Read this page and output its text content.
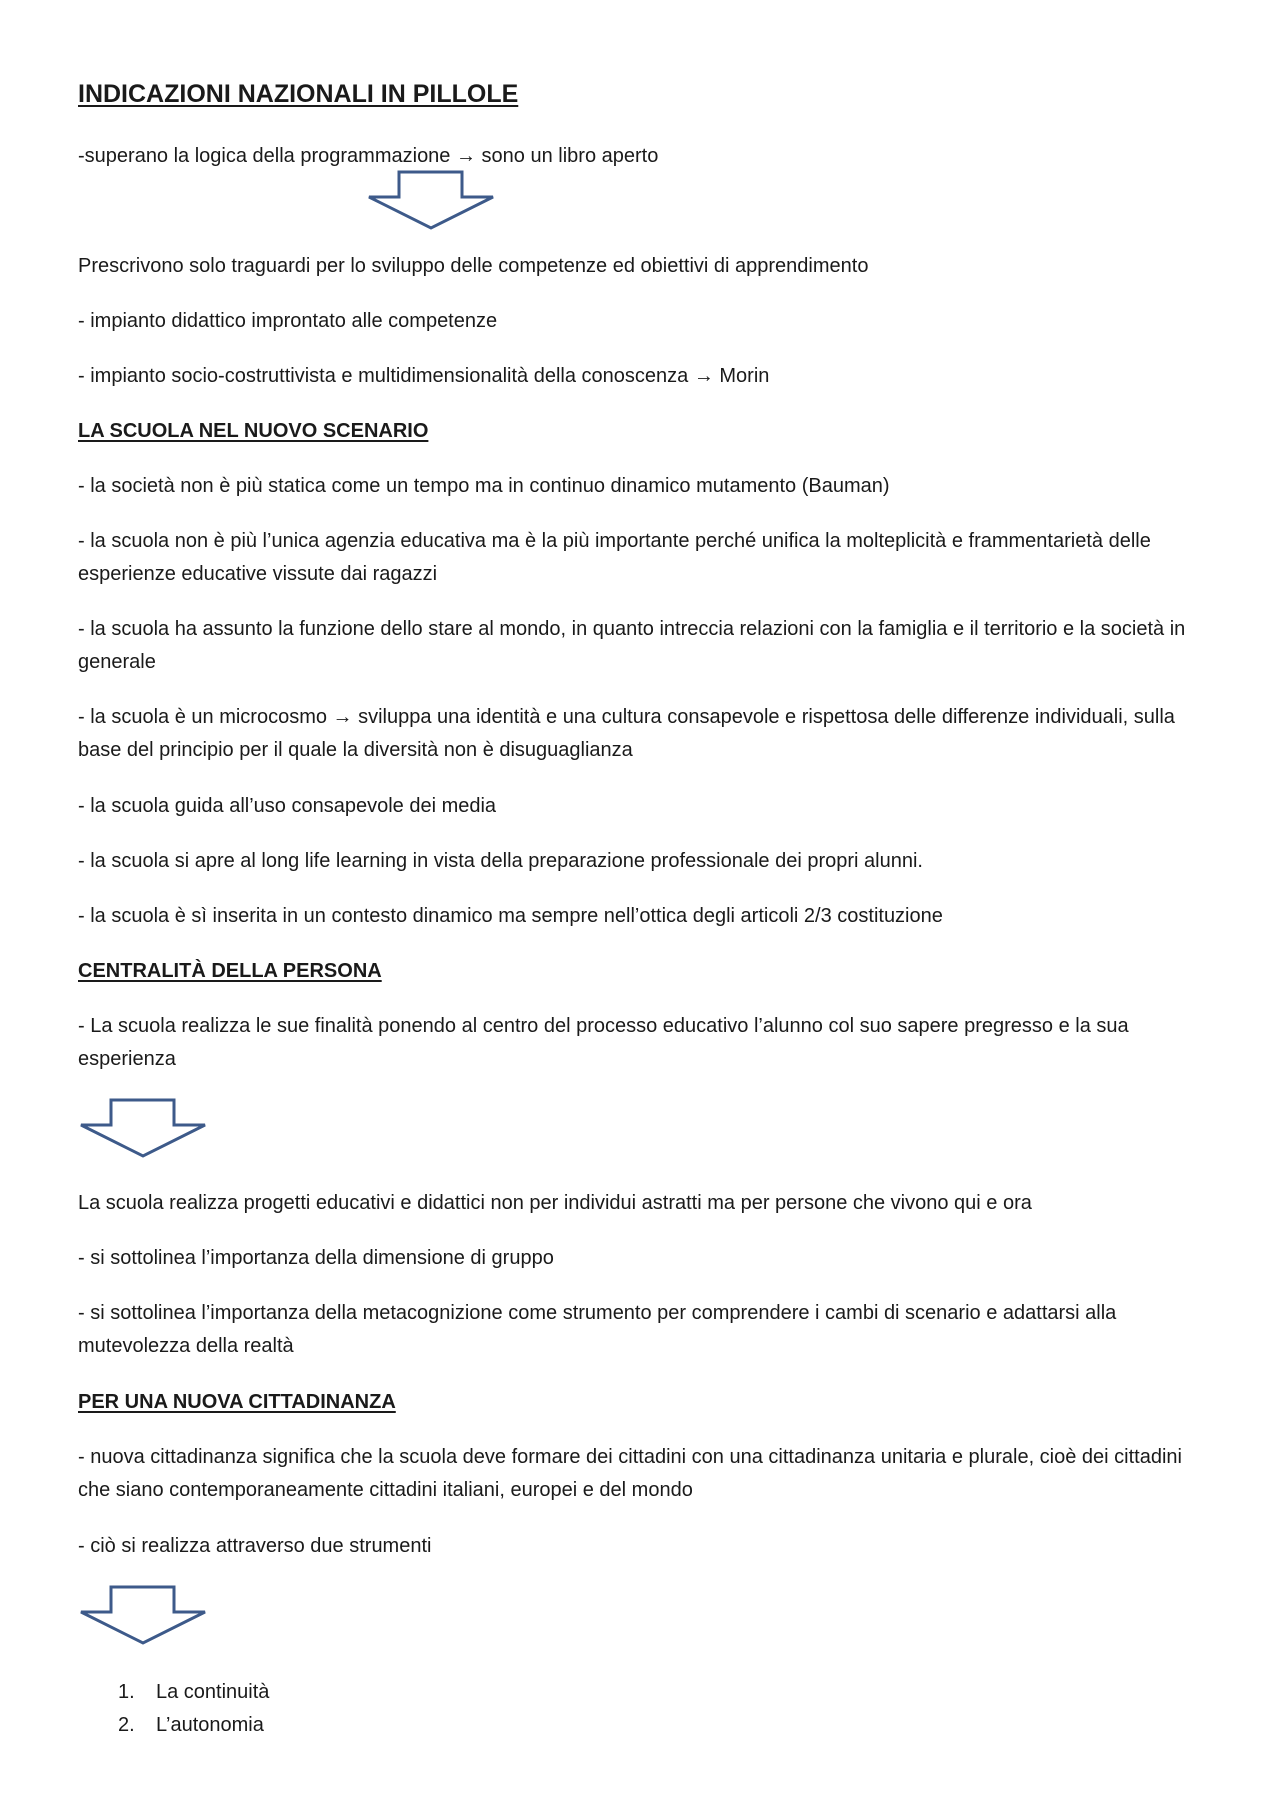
INDICAZIONI NAZIONALI IN PILLOLE

-superano la logica della programmazione → sono un libro aperto

Prescrivono solo traguardi per lo sviluppo delle competenze ed obiettivi di apprendimento

- impianto didattico improntato alle competenze

- impianto socio-costruttivista e multidimensionalità della conoscenza → Morin

LA SCUOLA NEL NUOVO SCENARIO

- la società non è più statica come un tempo ma in continuo dinamico mutamento (Bauman)

- la scuola non è più l’unica agenzia educativa ma è la più importante perché unifica la molteplicità e frammentarietà delle esperienze educative vissute dai ragazzi

- la scuola ha assunto la funzione dello stare al mondo, in quanto intreccia relazioni con la famiglia e il territorio e la società in generale

- la scuola è un microcosmo → sviluppa una identità e una cultura consapevole e rispettosa delle differenze individuali, sulla base del principio per il quale la diversità non è disuguaglianza

- la scuola guida all’uso consapevole dei media

- la scuola si apre al long life learning in vista della preparazione professionale dei propri alunni.

- la scuola è sì inserita in un contesto dinamico ma sempre nell’ottica degli articoli 2/3 costituzione

CENTRALITÀ DELLA PERSONA

- La scuola realizza le sue finalità ponendo al centro del processo educativo l’alunno col suo sapere pregresso e la sua esperienza

La scuola realizza progetti educativi e didattici non per individui astratti ma per persone che vivono qui e ora

- si sottolinea l’importanza della dimensione di gruppo

- si sottolinea l’importanza della metacognizione come strumento per comprendere i cambi di scenario e adattarsi alla mutevolezza della realtà

PER UNA NUOVA CITTADINANZA

- nuova cittadinanza significa che la scuola deve formare dei cittadini con una cittadinanza unitaria e plurale, cioè dei cittadini che siano contemporaneamente cittadini italiani, europei e del mondo

- ciò si realizza attraverso due strumenti

1. La continuità
2. L’autonomia
